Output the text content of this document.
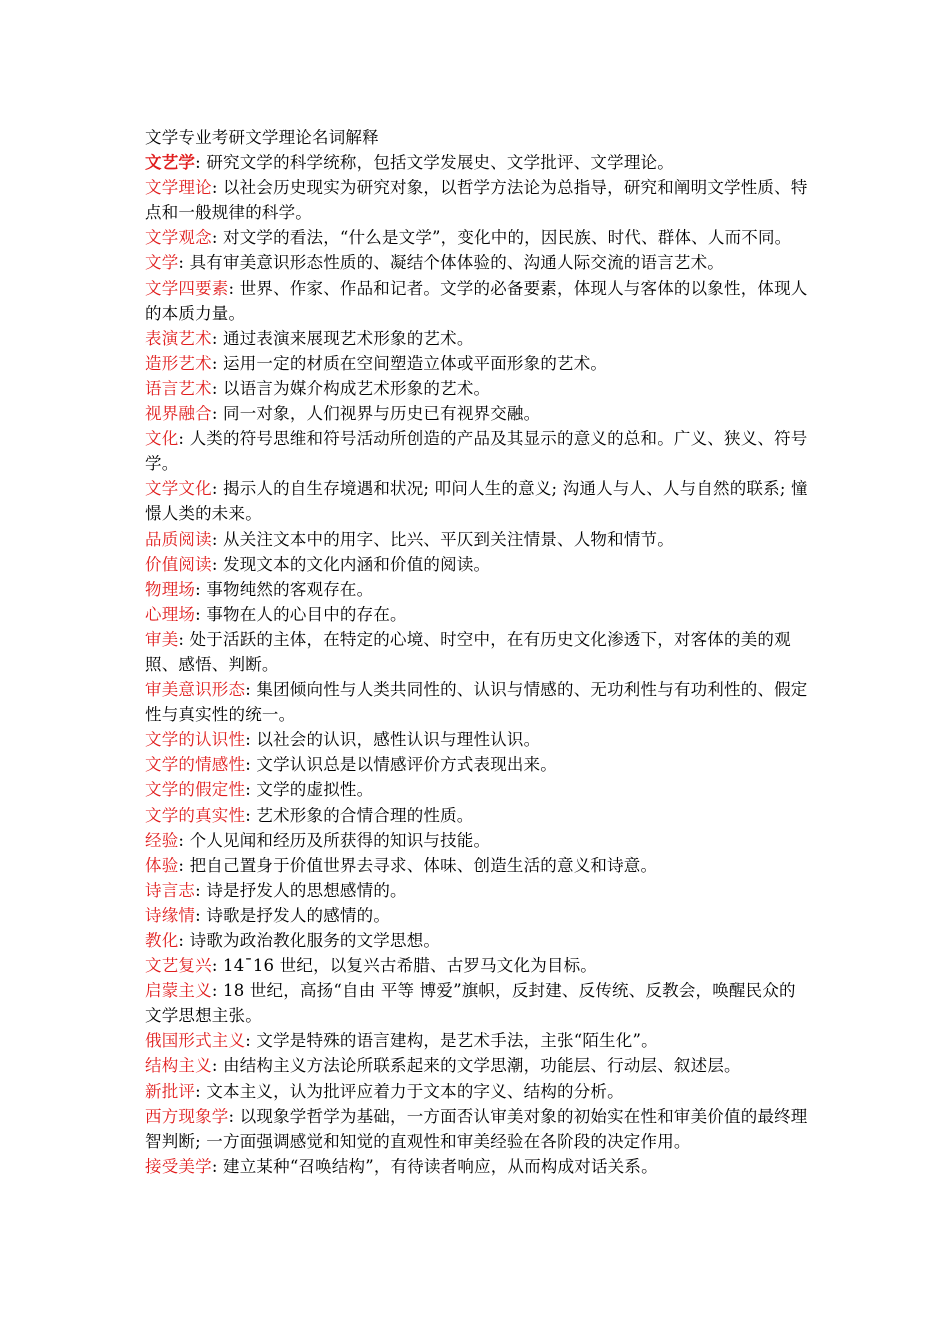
文学专业考研文学理论名词解释

文艺学: 研究文学的科学统称，包括文学发展史、文学批评、文学理论。

文学理论: 以社会历史现实为研究对象，以哲学方法论为总指导，研究和阐明文学性质、特点和一般规律的科学。

文学观念: 对文学的看法，“什么是文学”，变化中的，因民族、时代、群体、人而不同。

文学: 具有审美意识形态性质的、凝结个体体验的、沟通人际交流的语言艺术。

文学四要素: 世界、作家、作品和记者。文学的必备要素，体现人与客体的以象性，体现人的本质力量。

表演艺术: 通过表演来展现艺术形象的艺术。

造形艺术: 运用一定的材质在空间塑造立体或平面形象的艺术。

语言艺术: 以语言为媒介构成艺术形象的艺术。

视界融合: 同一对象，人们视界与历史已有视界交融。

文化: 人类的符号思维和符号活动所创造的产品及其显示的意义的总和。广义、狭义、符号学。

文学文化: 揭示人的自生存境遇和状况; 叩问人生的意义; 沟通人与人、人与自然的联系; 憧憬人类的未来。

品质阅读: 从关注文本中的用字、比兴、平仄到关注情景、人物和情节。

价值阅读: 发现文本的文化内涵和价值的阅读。

物理场: 事物纯然的客观存在。

心理场: 事物在人的心目中的存在。

审美: 处于活跃的主体，在特定的心境、时空中，在有历史文化渗透下，对客体的美的观照、感悟、判断。

审美意识形态: 集团倾向性与人类共同性的、认识与情感的、无功利性与有功利性的、假定性与真实性的统一。

文学的认识性: 以社会的认识，感性认识与理性认识。

文学的情感性: 文学认识总是以情感评价方式表现出来。

文学的假定性: 文学的虚拟性。

文学的真实性: 艺术形象的合情合理的性质。

经验: 个人见闻和经历及所获得的知识与技能。

体验: 把自己置身于价值世界去寻求、体味、创造生活的意义和诗意。

诗言志: 诗是抒发人的思想感情的。

诗缘情: 诗歌是抒发人的感情的。

教化: 诗歌为政治教化服务的文学思想。

文艺复兴: 14¯16 世纪，以复兴古希腊、古罗马文化为目标。

启蒙主义: 18 世纪，高扬“自由 平等 博爱”旗帜，反封建、反传统、反教会，唤醒民众的文学思想主张。

俄国形式主义: 文学是特殊的语言建构，是艺术手法，主张“陌生化”。

结构主义: 由结构主义方法论所联系起来的文学思潮，功能层、行动层、叙述层。

新批评: 文本主义，认为批评应着力于文本的字义、结构的分析。

西方现象学: 以现象学哲学为基础，一方面否认审美对象的初始实在性和审美价值的最终理智判断; 一方面强调感觉和知觉的直观性和审美经验在各阶段的决定作用。

接受美学: 建立某种“召唤结构”，有待读者响应，从而构成对话关系。
